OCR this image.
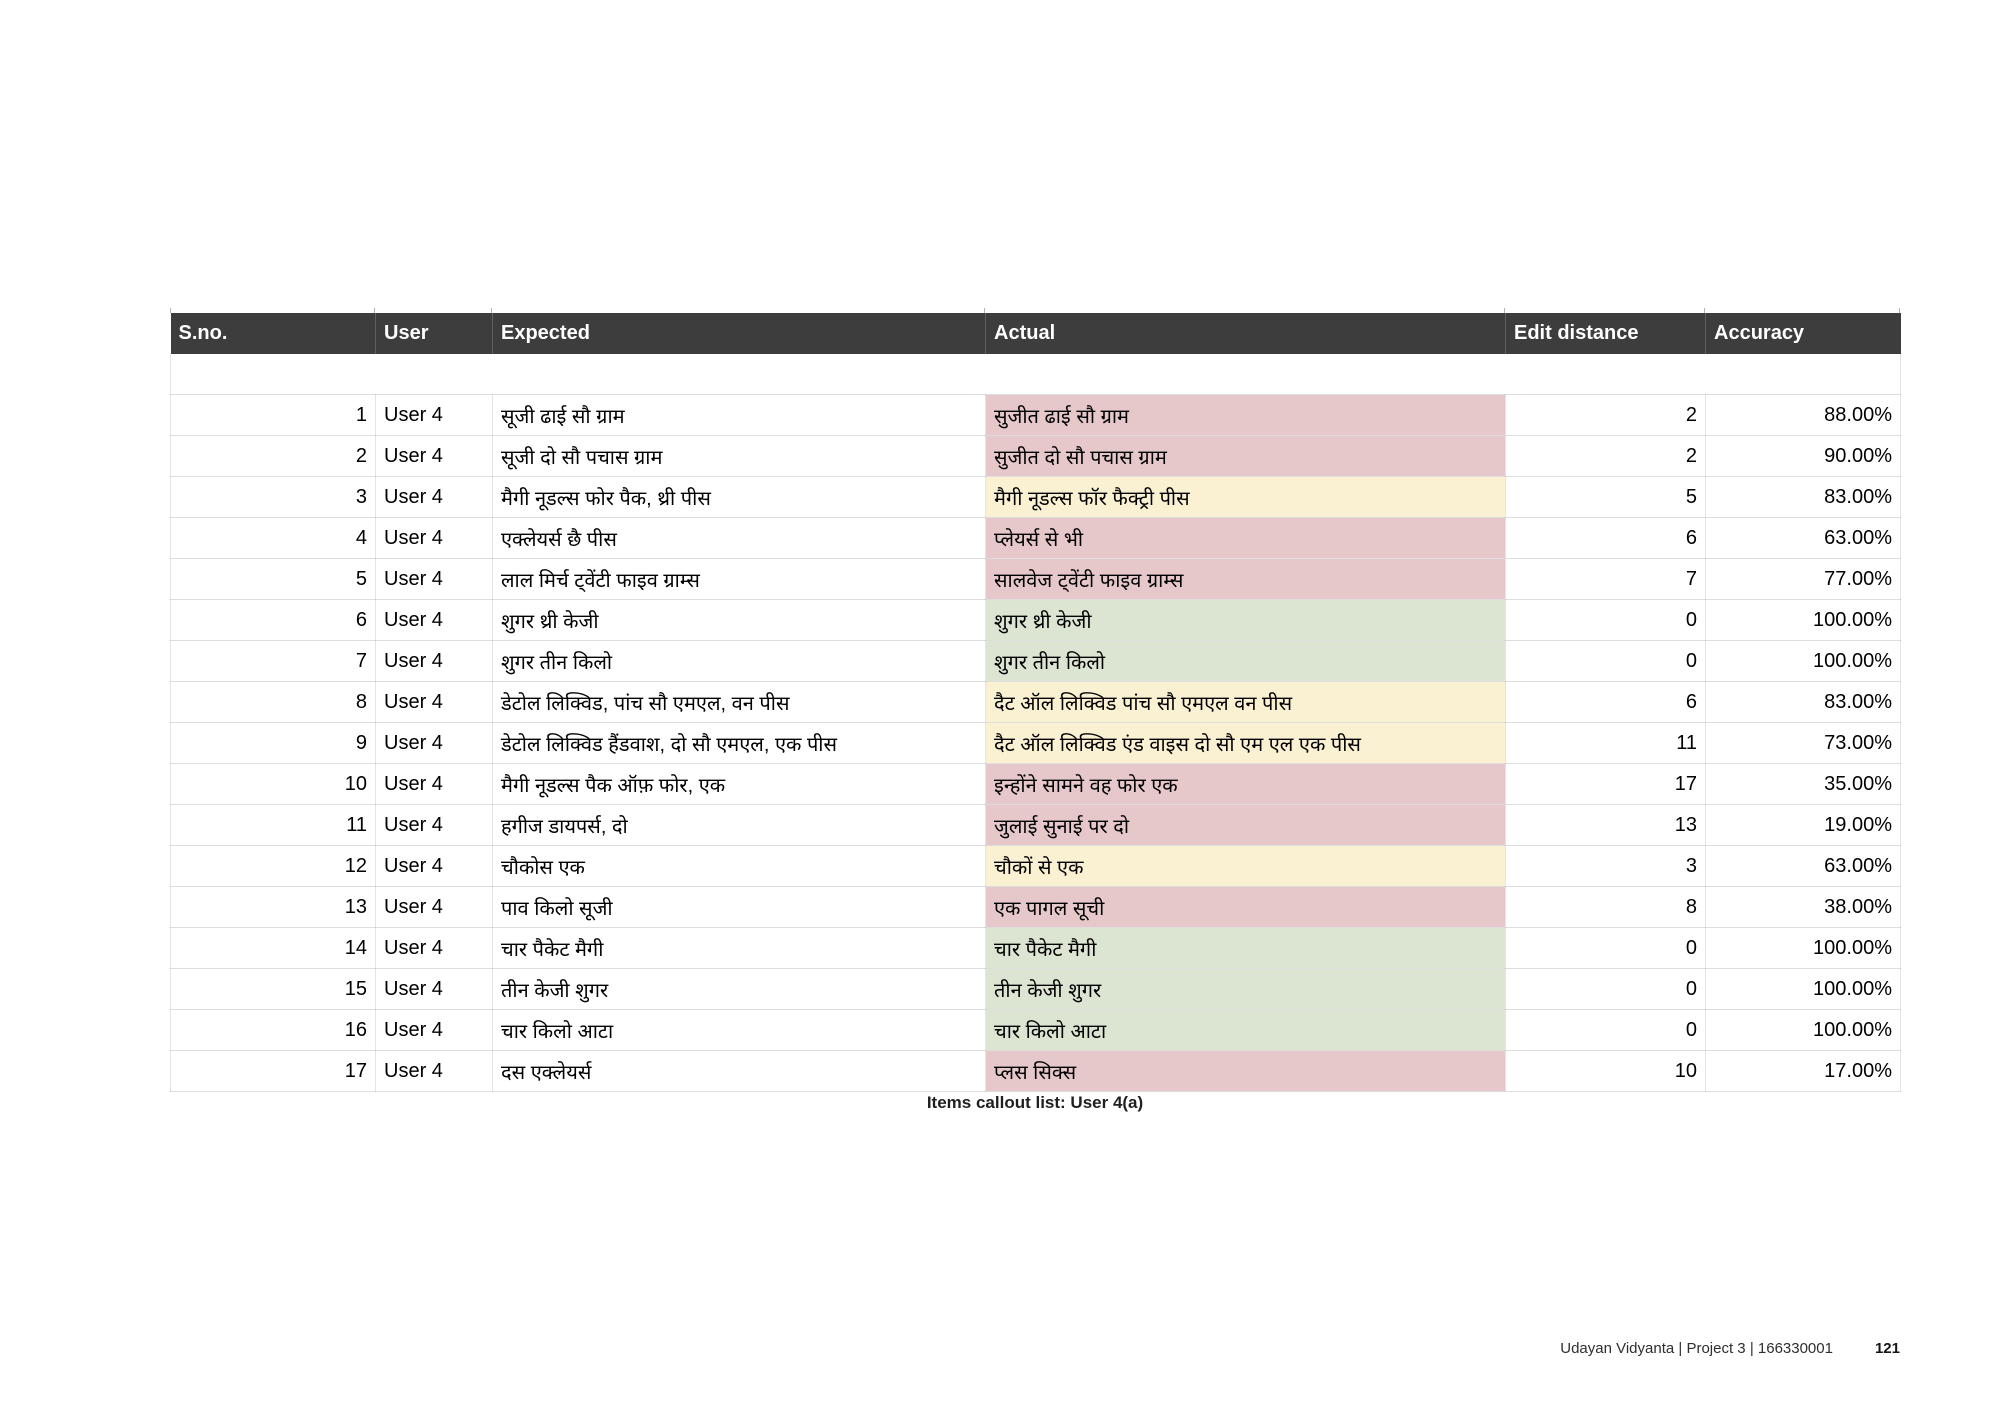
S.no.	User	Expected	Actual	Edit distance	Accuracy

1	User 4	सूजी ढाई सौ ग्राम	सुजीत ढाई सौ ग्राम	2	88.00%
2	User 4	सूजी दो सौ पचास ग्राम	सुजीत दो सौ पचास ग्राम	2	90.00%
3	User 4	मैगी नूडल्स फोर पैक, थ्री पीस	मैगी नूडल्स फॉर फैक्ट्री पीस	5	83.00%
4	User 4	एक्लेयर्स छै पीस	प्लेयर्स से भी	6	63.00%
5	User 4	लाल मिर्च ट्वेंटी फाइव ग्राम्स	सालवेज ट्वेंटी फाइव ग्राम्स	7	77.00%
6	User 4	शुगर थ्री केजी	शुगर थ्री केजी	0	100.00%
7	User 4	शुगर तीन किलो	शुगर तीन किलो	0	100.00%
8	User 4	डेटोल लिक्विड, पांच सौ एमएल, वन पीस	दैट ऑल लिक्विड पांच सौ एमएल वन पीस	6	83.00%
9	User 4	डेटोल लिक्विड हैंडवाश, दो सौ एमएल, एक पीस	दैट ऑल लिक्विड एंड वाइस दो सौ एम एल एक पीस	11	73.00%
10	User 4	मैगी नूडल्स पैक ऑफ़ फोर, एक	इन्होंने सामने वह फोर एक	17	35.00%
11	User 4	हगीज डायपर्स, दो	जुलाई सुनाई पर दो	13	19.00%
12	User 4	चौकोस एक	चौकों से एक	3	63.00%
13	User 4	पाव किलो सूजी	एक पागल सूची	8	38.00%
14	User 4	चार पैकेट मैगी	चार पैकेट मैगी	0	100.00%
15	User 4	तीन केजी शुगर	तीन केजी शुगर	0	100.00%
16	User 4	चार किलो आटा	चार किलो आटा	0	100.00%
17	User 4	दस एक्लेयर्स	प्लस सिक्स	10	17.00%
Items callout list: User 4(a)
Udayan Vidyanta | Project 3 | 166330001	121
